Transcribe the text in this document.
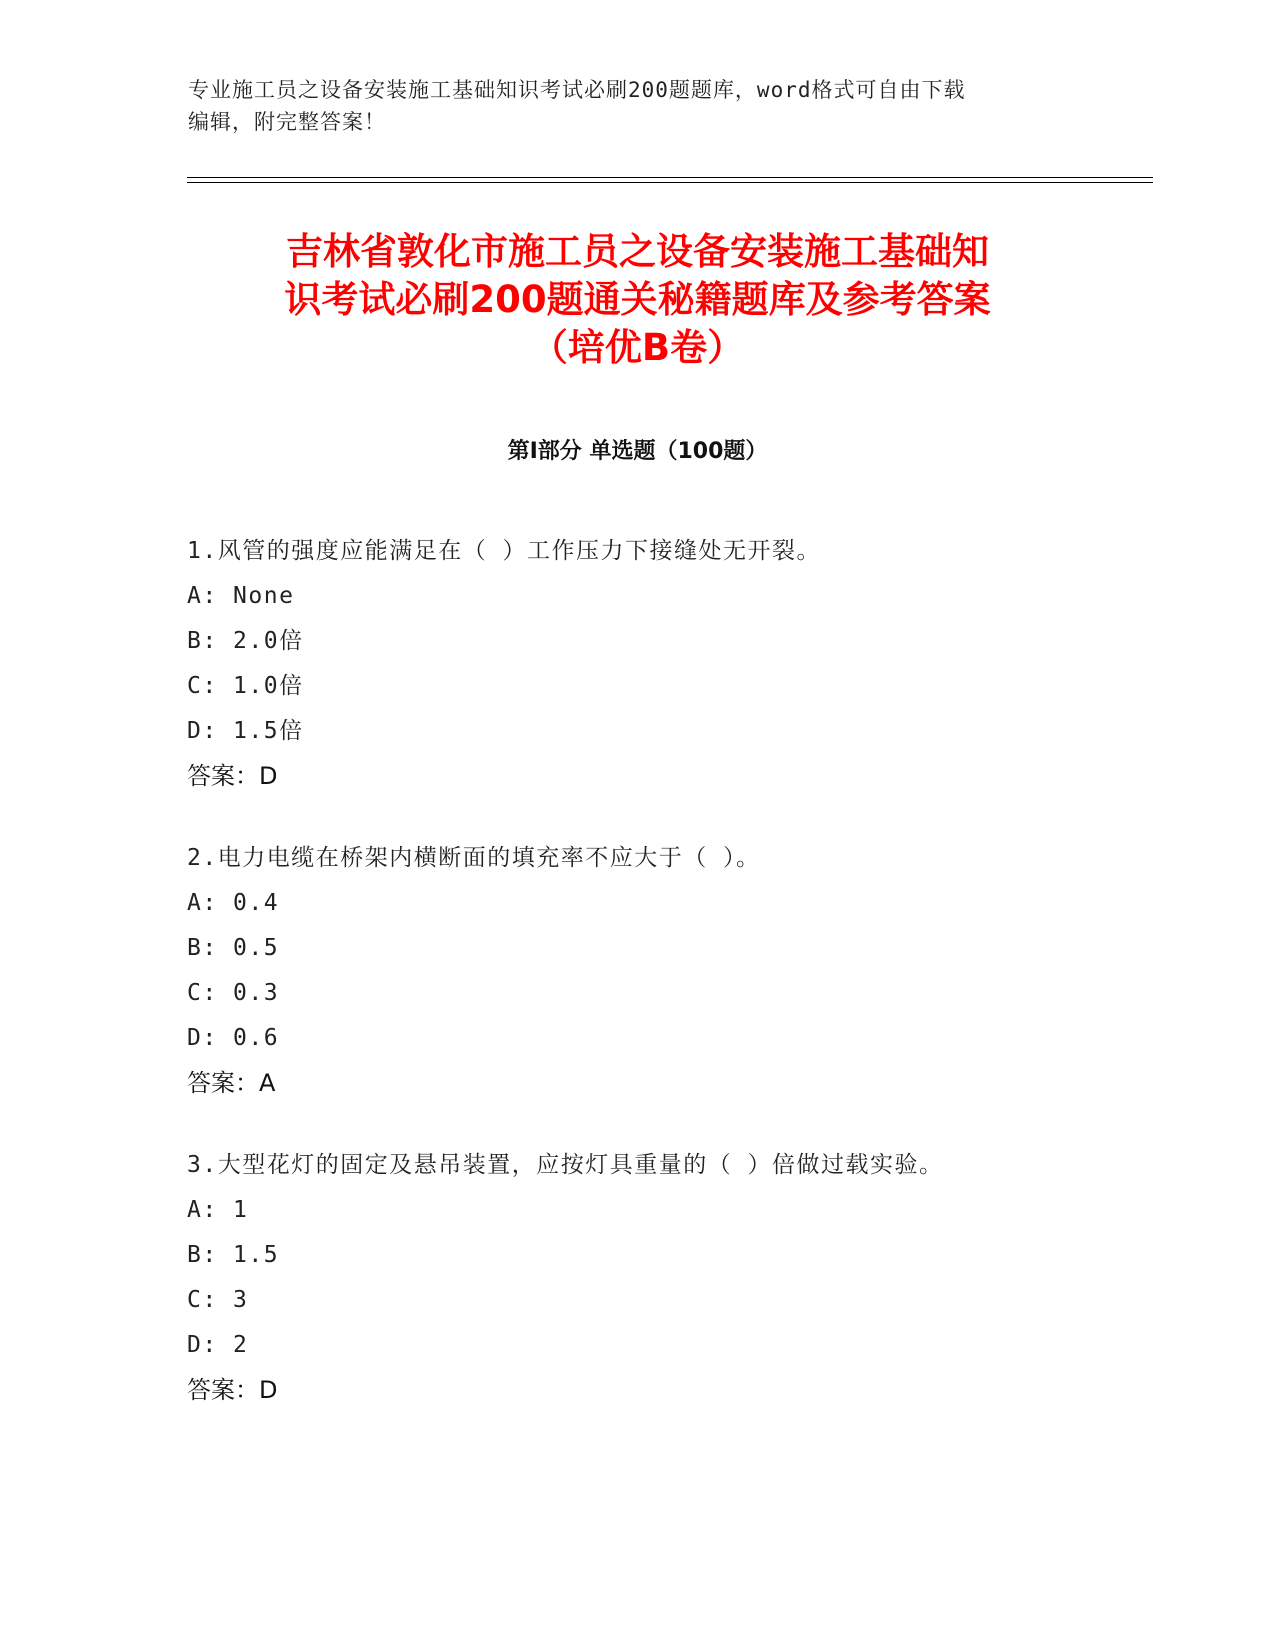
专业施工员之设备安装施工基础知识考试必刷200题题库，word格式可自由下载
编辑，附完整答案！
吉林省敦化市施工员之设备安装施工基础知
识考试必刷200题通关秘籍题库及参考答案
（培优B卷）
第Ⅰ部分 单选题（100题）
1.风管的强度应能满足在（ ）工作压力下接缝处无开裂。
A: None
B: 2.0倍
C: 1.0倍
D: 1.5倍
答案：D
2.电力电缆在桥架内横断面的填充率不应大于（ ）。
A: 0.4
B: 0.5
C: 0.3
D: 0.6
答案：A
3.大型花灯的固定及悬吊装置，应按灯具重量的（ ）倍做过载实验。
A: 1
B: 1.5
C: 3
D: 2
答案：D
